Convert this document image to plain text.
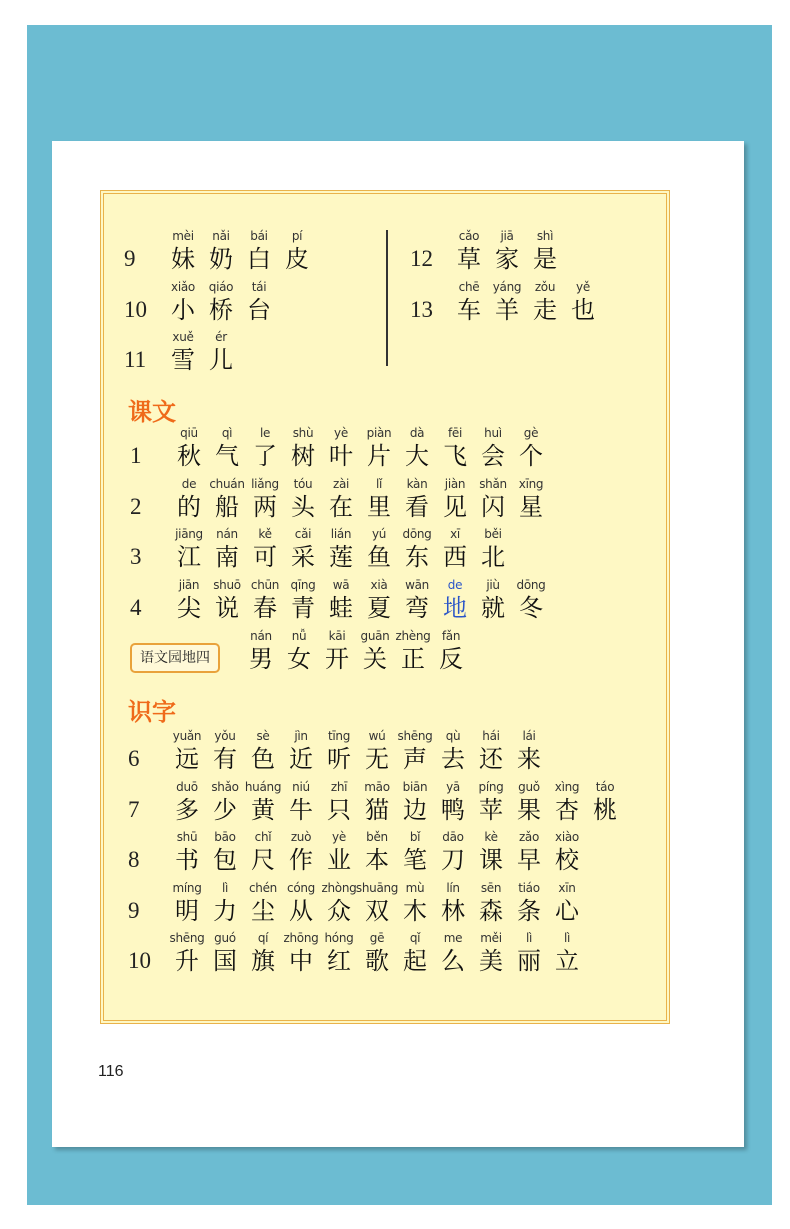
9
mèi
妹
nǎi
奶
bái
白
pí
皮
10
xiǎo
小
qiáo
桥
tái
台
11
xuě
雪
ér
儿
12
cǎo
草
jiā
家
shì
是
13
chē
车
yáng
羊
zǒu
走
yě
也
1
qiū
秋
qì
气
le
了
shù
树
yè
叶
piàn
片
dà
大
fēi
飞
huì
会
gè
个
2
de
的
chuán
船
liǎng
两
tóu
头
zài
在
lǐ
里
kàn
看
jiàn
见
shǎn
闪
xīng
星
3
jiāng
江
nán
南
kě
可
cǎi
采
lián
莲
yú
鱼
dōng
东
xī
西
běi
北
4
jiān
尖
shuō
说
chūn
春
qīng
青
wā
蛙
xià
夏
wān
弯
de
地
jiù
就
dōng
冬
nán
男
nǚ
女
kāi
开
guān
关
zhèng
正
fǎn
反
6
yuǎn
远
yǒu
有
sè
色
jìn
近
tīng
听
wú
无
shēng
声
qù
去
hái
还
lái
来
7
duō
多
shǎo
少
huáng
黄
niú
牛
zhī
只
māo
猫
biān
边
yā
鸭
píng
苹
guǒ
果
xìng
杏
táo
桃
8
shū
书
bāo
包
chǐ
尺
zuò
作
yè
业
běn
本
bǐ
笔
dāo
刀
kè
课
zǎo
早
xiào
校
9
míng
明
lì
力
chén
尘
cóng
从
zhòng
众
shuāng
双
mù
木
lín
林
sēn
森
tiáo
条
xīn
心
10
shēng
升
guó
国
qí
旗
zhōng
中
hóng
红
gē
歌
qǐ
起
me
么
měi
美
lì
丽
lì
立
课文
识字
语文园地四
116
